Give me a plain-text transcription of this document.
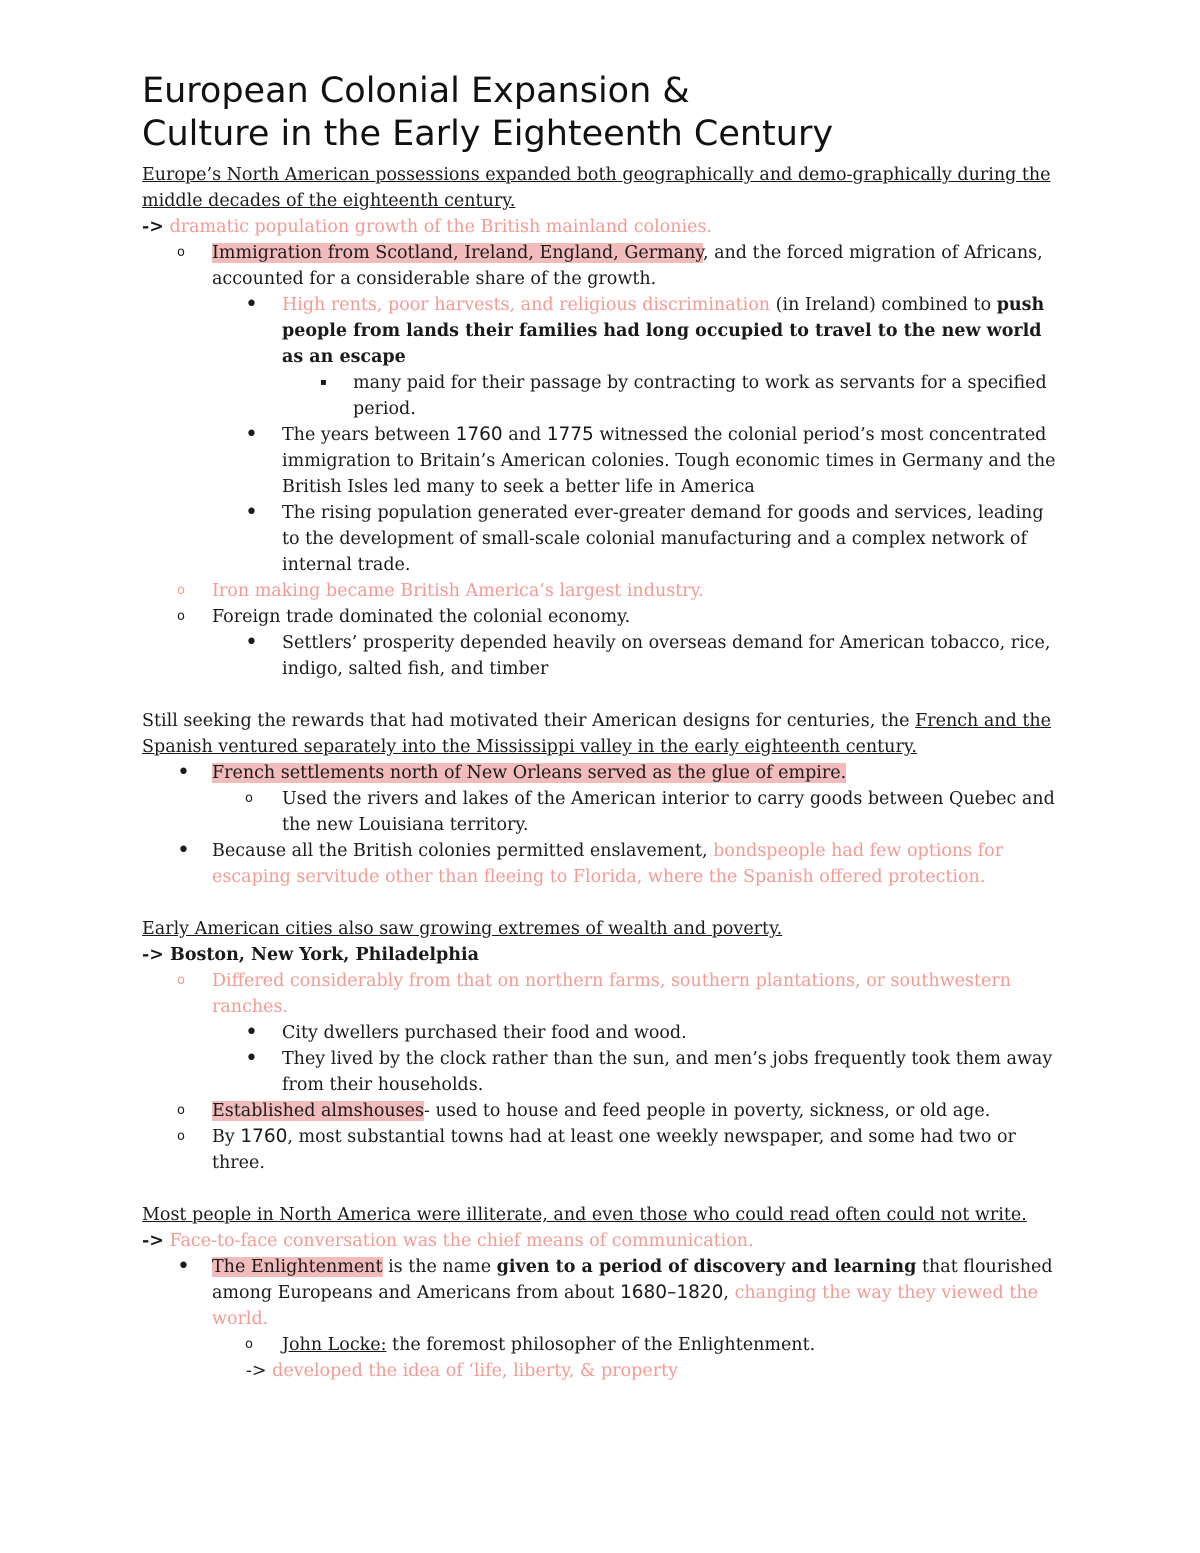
European Colonial Expansion &
Culture in the Early Eighteenth Century

Europe’s North American possessions expanded both geographically and demo-graphically during the middle decades of the eighteenth century.

-> dramatic population growth of the British mainland colonies.

o Immigration from Scotland, Ireland, England, Germany, and the forced migration of Africans, accounted for a considerable share of the growth.
• High rents, poor harvests, and religious discrimination (in Ireland) combined to push people from lands their families had long occupied to travel to the new world as an escape
▪ many paid for their passage by contracting to work as servants for a specified period.
• The years between 1760 and 1775 witnessed the colonial period’s most concentrated immigration to Britain’s American colonies. Tough economic times in Germany and the British Isles led many to seek a better life in America
• The rising population generated ever-greater demand for goods and services, leading to the development of small-scale colonial manufacturing and a complex network of internal trade.
o Iron making became British America’s largest industry.
o Foreign trade dominated the colonial economy.
• Settlers’ prosperity depended heavily on overseas demand for American tobacco, rice, indigo, salted fish, and timber

Still seeking the rewards that had motivated their American designs for centuries, the French and the Spanish ventured separately into the Mississippi valley in the early eighteenth century.

• French settlements north of New Orleans served as the glue of empire.
o Used the rivers and lakes of the American interior to carry goods between Quebec and the new Louisiana territory.
• Because all the British colonies permitted enslavement, bondspeople had few options for escaping servitude other than fleeing to Florida, where the Spanish offered protection.

Early American cities also saw growing extremes of wealth and poverty.

-> Boston, New York, Philadelphia

o Differed considerably from that on northern farms, southern plantations, or southwestern ranches.
• City dwellers purchased their food and wood.
• They lived by the clock rather than the sun, and men’s jobs frequently took them away from their households.
o Established almshouses- used to house and feed people in poverty, sickness, or old age.
o By 1760, most substantial towns had at least one weekly newspaper, and some had two or three.

Most people in North America were illiterate, and even those who could read often could not write.

-> Face-to-face conversation was the chief means of communication.

• The Enlightenment is the name given to a period of discovery and learning that flourished among Europeans and Americans from about 1680–1820, changing the way they viewed the world.
o John Locke: the foremost philosopher of the Enlightenment.

-> developed the idea of ‘life, liberty, & property
